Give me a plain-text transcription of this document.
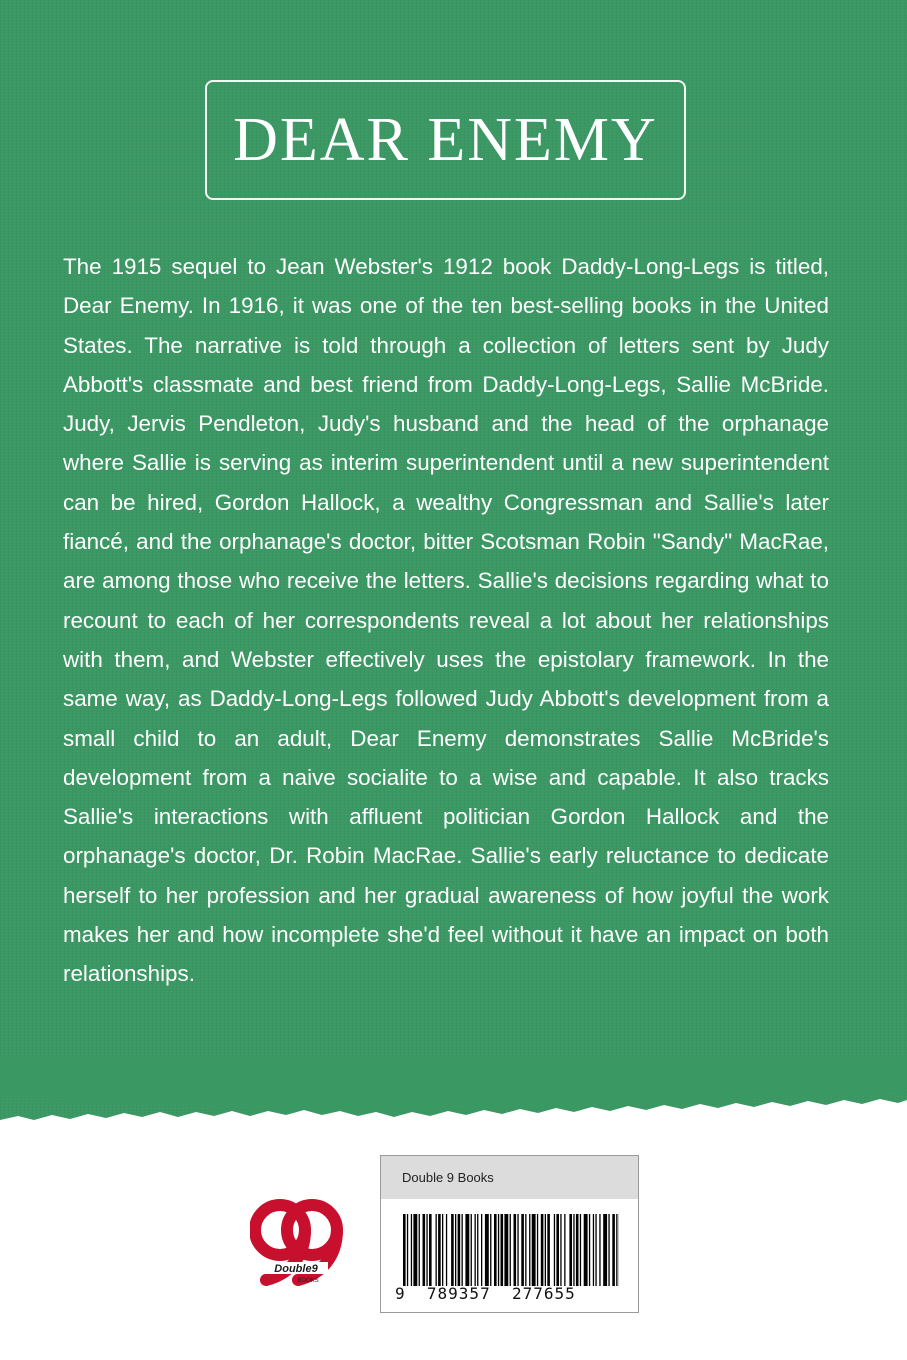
DEAR ENEMY

The 1915 sequel to Jean Webster's 1912 book Daddy-Long-Legs is titled, Dear Enemy. In 1916, it was one of the ten best-selling books in the United States. The narrative is told through a collection of letters sent by Judy Abbott's classmate and best friend from Daddy-Long-Legs, Sallie McBride. Judy, Jervis Pendleton, Judy's husband and the head of the orphanage where Sallie is serving as interim superintendent until a new superintendent can be hired, Gordon Hallock, a wealthy Congressman and Sallie's later fiancé, and the orphanage's doctor, bitter Scotsman Robin "Sandy" MacRae, are among those who receive the letters. Sallie's decisions regarding what to recount to each of her correspondents reveal a lot about her relationships with them, and Webster effectively uses the epistolary framework. In the same way, as Daddy-Long-Legs followed Judy Abbott's development from a small child to an adult, Dear Enemy demonstrates Sallie McBride's development from a naive socialite to a wise and capable. It also tracks Sallie's interactions with affluent politician Gordon Hallock and the orphanage's doctor, Dr. Robin MacRae. Sallie's early reluctance to dedicate herself to her profession and her gradual awareness of how joyful the work makes her and how incomplete she'd feel without it have an impact on both relationships.

Double9
BOOKS
Double 9 Books
9  789357  277655
